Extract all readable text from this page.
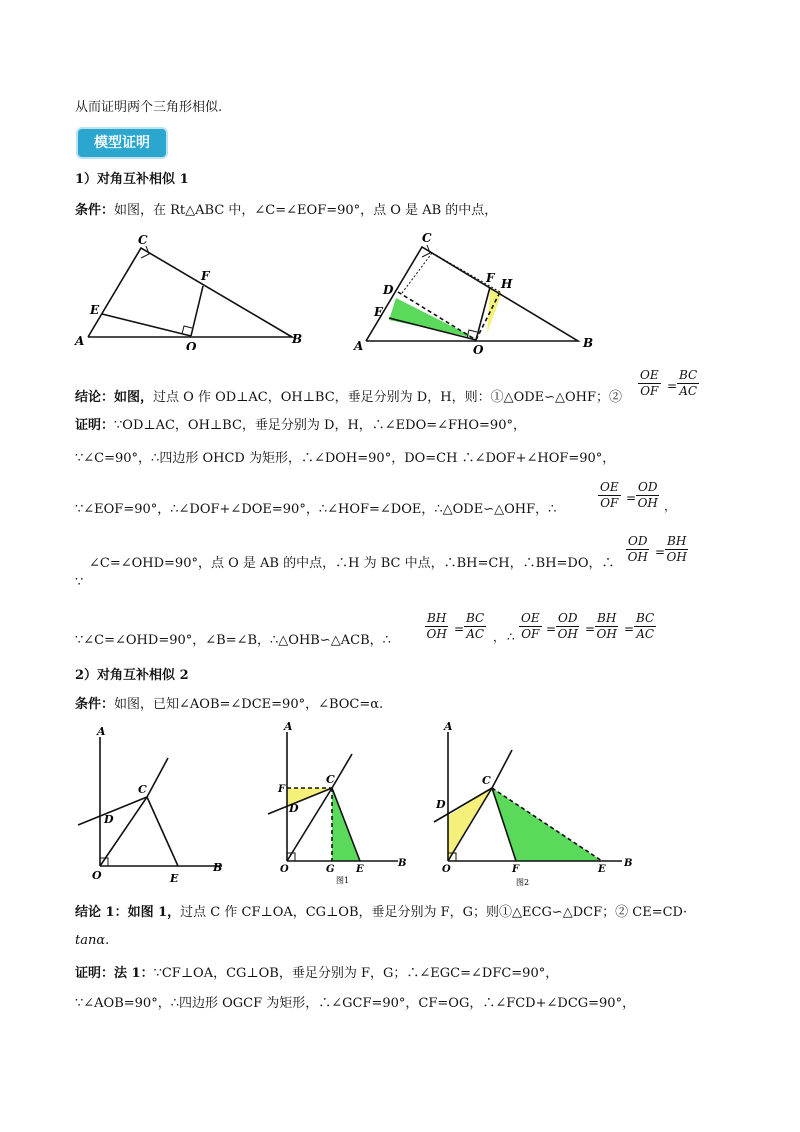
从而证明两个三角形相似.
模型证明
1）对角互补相似 1
条件：如图，在 Rt△ABC 中，∠C=∠EOF=90°，点 O 是 AB 的中点，
C
F
E
A	O
B
C
F H
D
E
A	O	B
结论：如图，过点 O 作 OD⊥AC，OH⊥BC，垂足分别为 D，H，则：①△ODE∽△OHF；② $\frac{OE}{OF} = \frac{BC}{AC}$
证明：∵OD⊥AC，OH⊥BC，垂足分别为 D，H，∴∠EDO=∠FHO=90°，
∵∠C=90°，∴四边形 OHCD 为矩形，∴∠DOH=90°，DO=CH ∴∠DOF+∠HOF=90°，
∵∠EOF=90°，∴∠DOF+∠DOE=90°，∴∠HOF=∠DOE，∴△ODE∽△OHF，∴	$\frac{OE}{OF} = \frac{OD}{OH}$ ，
∠C=∠OHD=90°，点 O 是 AB 的中点，∴H 为 BC 中点，∴BH=CH，∴BH=DO，∴
∵
$\frac{OD}{OH} = \frac{BH}{OH}$
∵∠C=∠OHD=90°，∠B=∠B，∴△OHB∽△ACB，∴	$\frac{BH}{OH} = \frac{BC}{AC}$ ， ∴ $\frac{OE}{OF} = \frac{OD}{OH} = \frac{BH}{OH} = \frac{BC}{AC}$
2）对角互补相似 2
条件：如图，已知∠AOB=∠DCE=90°，∠BOC=α.
A
C
D
O	E
B
A
F
C
D
O	G E
B
图1
A
C
D
O	F	E
B
图2
结论 1：如图 1，过点 C 作 CF⊥OA，CG⊥OB，垂足分别为 F，G；则①△ECG∽△DCF；② CE=CD·
tanα.
证明：法 1：∵CF⊥OA，CG⊥OB，垂足分别为 F，G；∴∠EGC=∠DFC=90°，
∵∠AOB=90°，∴四边形 OGCF 为矩形，∴∠GCF=90°，CF=OG，∴∠FCD+∠DCG=90°，
